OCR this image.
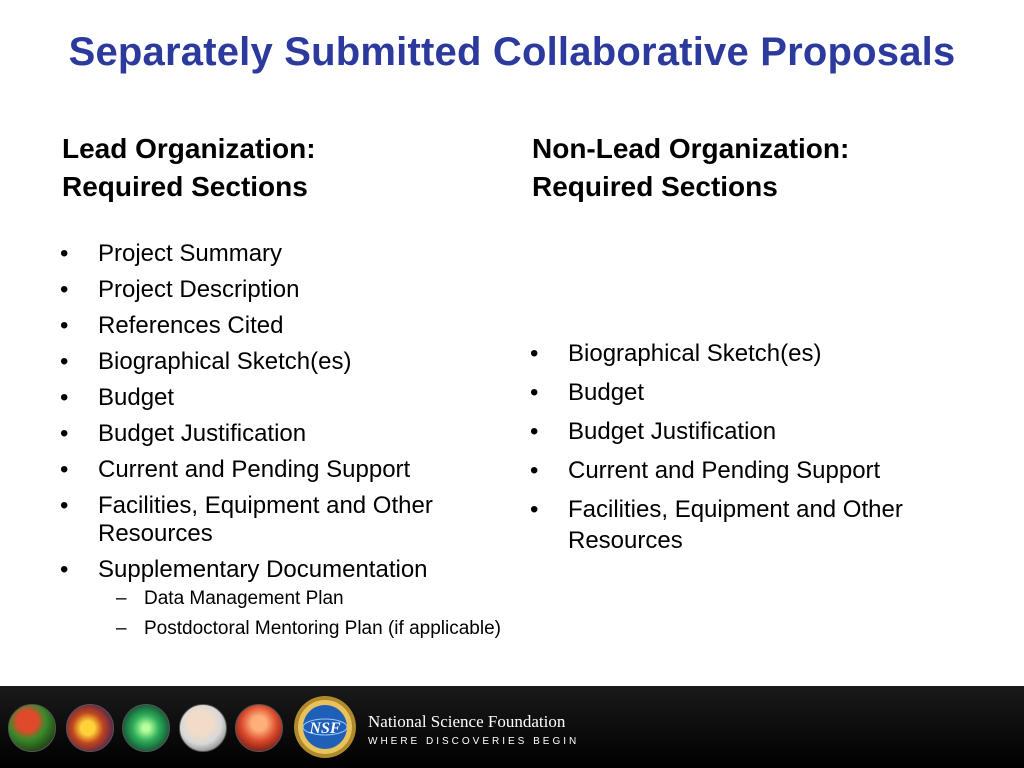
Separately Submitted Collaborative Proposals
Lead Organization:
Required Sections
• Project Summary
• Project Description
• References Cited
• Biographical Sketch(es)
• Budget
• Budget Justification
• Current and Pending Support
• Facilities, Equipment and Other Resources
• Supplementary Documentation
– Data Management Plan
– Postdoctoral Mentoring Plan (if applicable)
Non-Lead Organization:
Required Sections
• Biographical Sketch(es)
• Budget
• Budget Justification
• Current and Pending Support
• Facilities, Equipment and Other Resources
NSF National Science Foundation
WHERE DISCOVERIES BEGIN
